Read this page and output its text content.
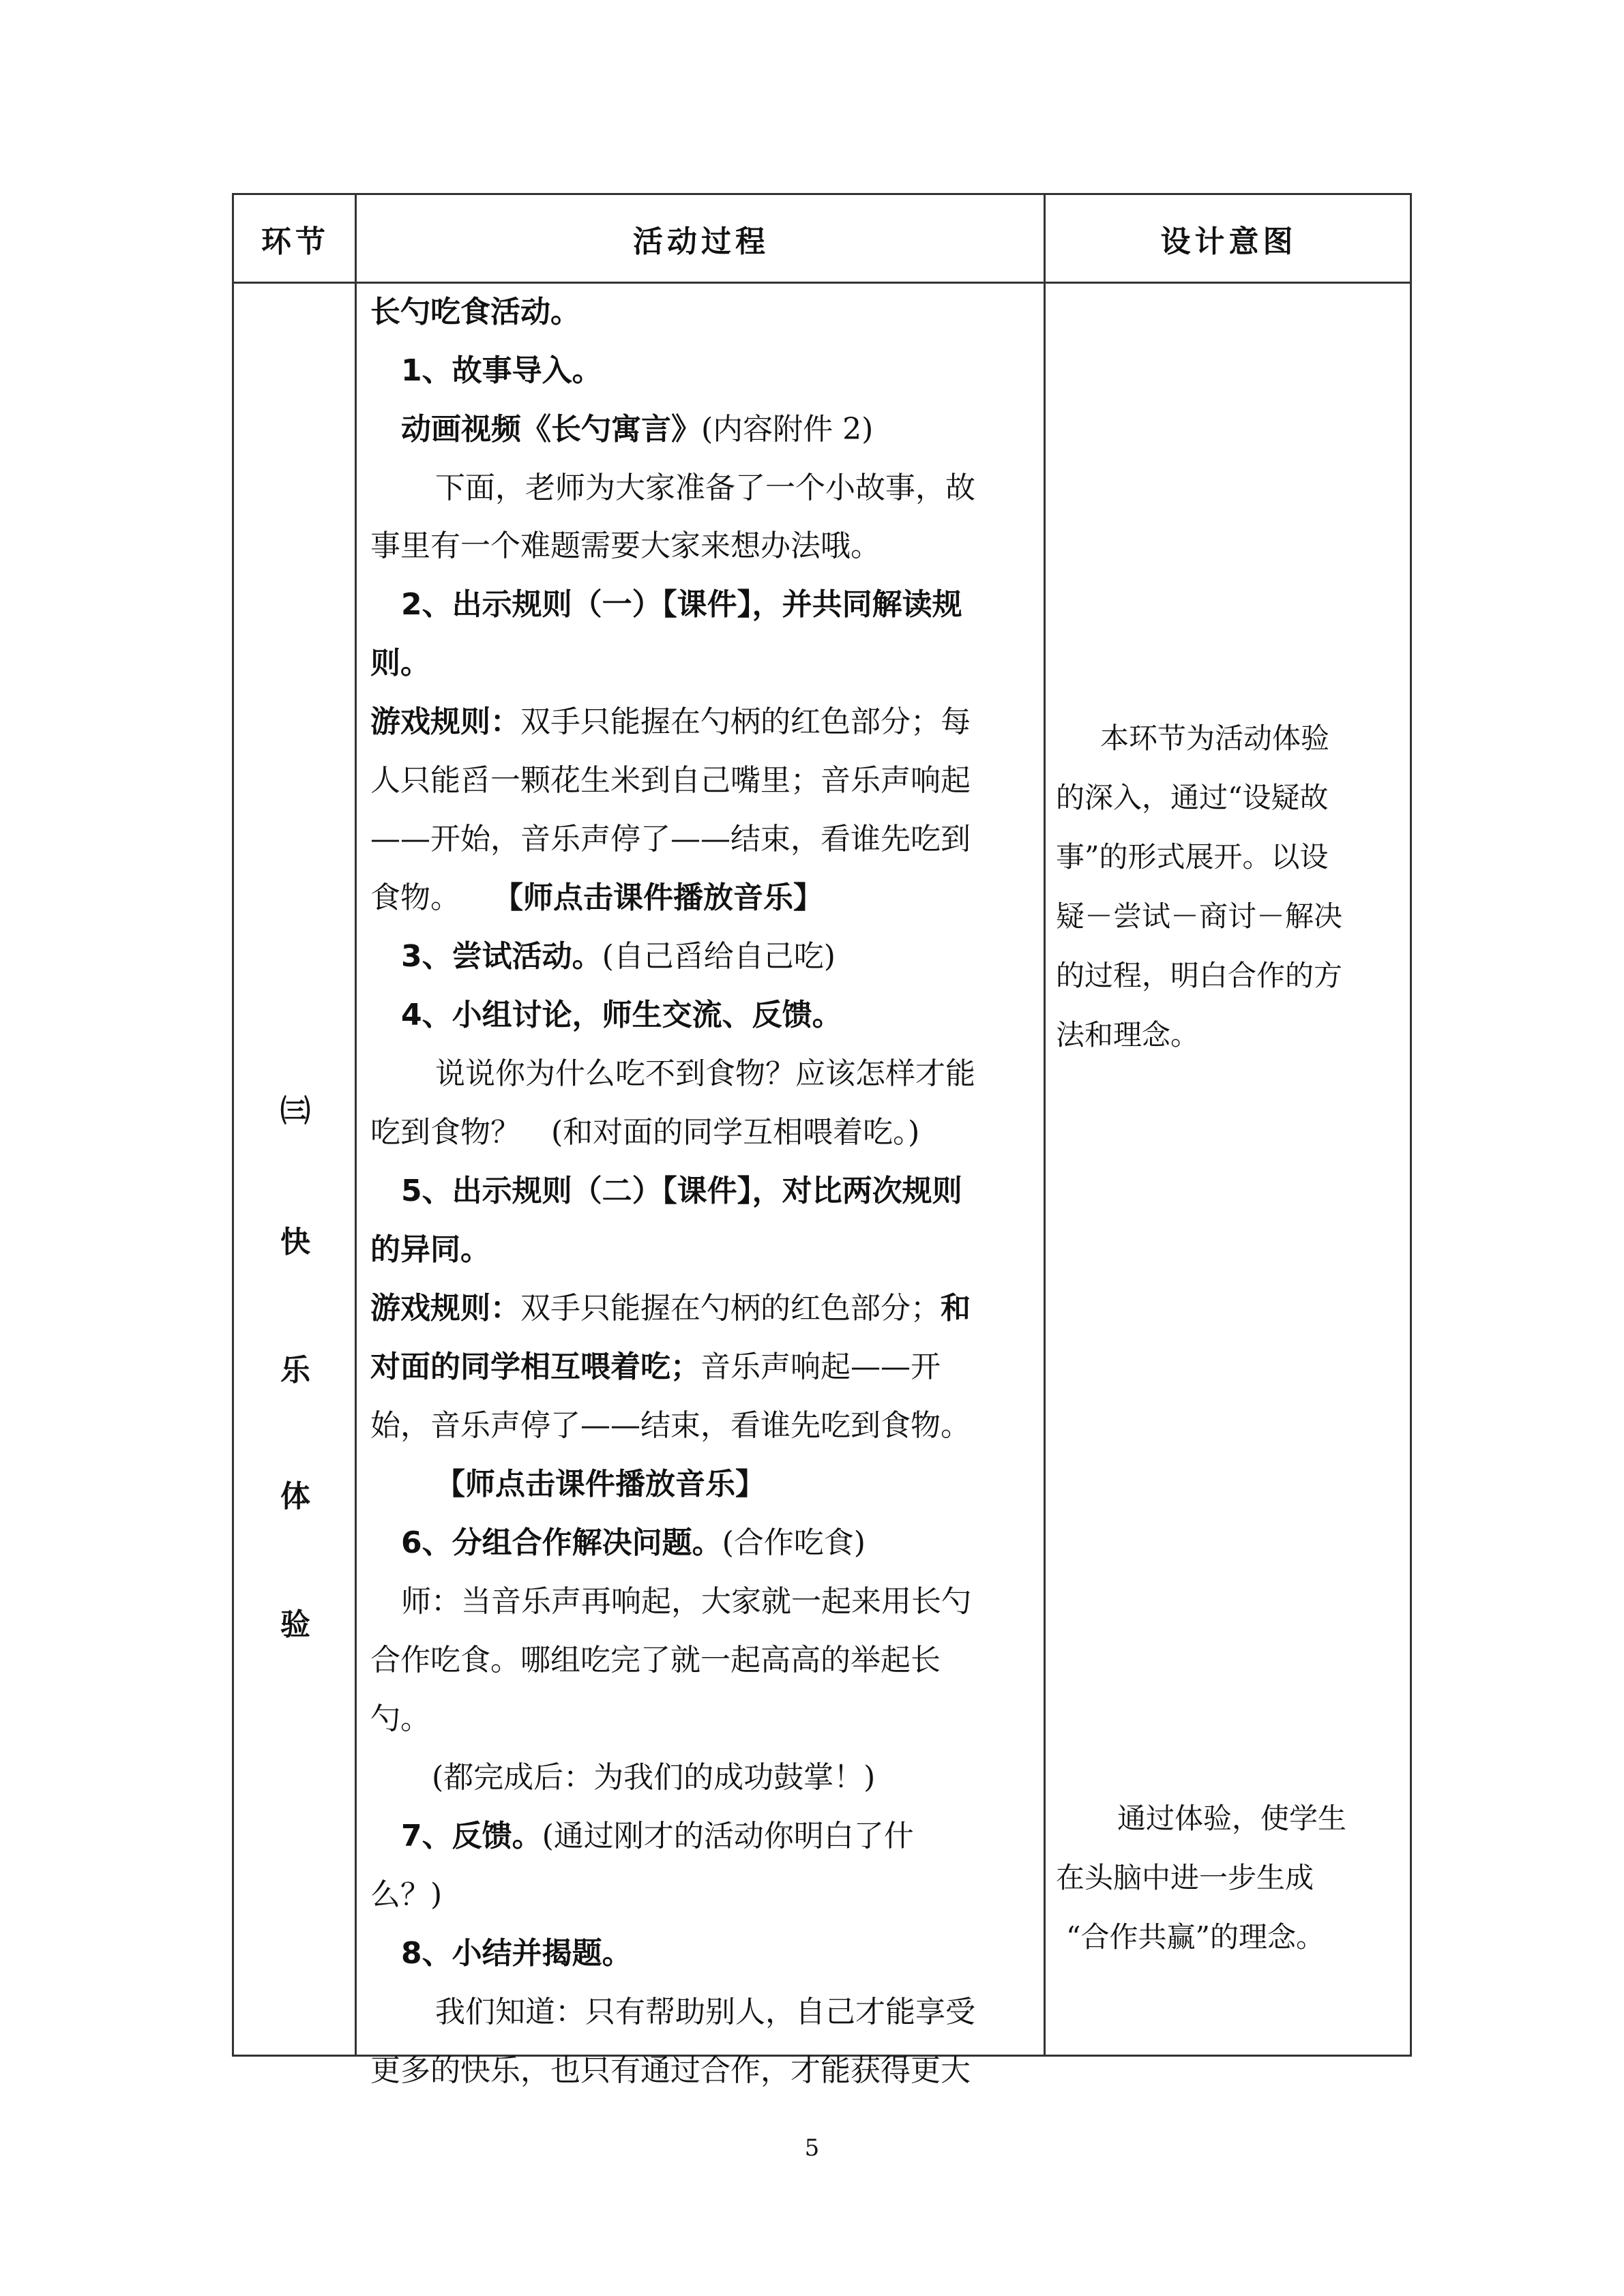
环节	活动过程	设计意图
㈢
快
乐
体
验
长勺吃食活动。
1、故事导入。
动画视频《长勺寓言》(内容附件 2)
下面，老师为大家准备了一个小故事，故
事里有一个难题需要大家来想办法哦。
2、出示规则（一）【课件】，并共同解读规
则。
游戏规则：双手只能握在勺柄的红色部分；每
人只能舀一颗花生米到自己嘴里；音乐声响起
——开始，音乐声停了——结束，看谁先吃到
食物。 【师点击课件播放音乐】
3、尝试活动。(自己舀给自己吃)
4、小组讨论，师生交流、反馈。
说说你为什么吃不到食物？应该怎样才能
吃到食物？ (和对面的同学互相喂着吃。)
5、出示规则（二）【课件】，对比两次规则
的异同。
游戏规则：双手只能握在勺柄的红色部分；和
对面的同学相互喂着吃；音乐声响起——开
始，音乐声停了——结束，看谁先吃到食物。
【师点击课件播放音乐】
6、分组合作解决问题。(合作吃食)
师：当音乐声再响起，大家就一起来用长勺
合作吃食。哪组吃完了就一起高高的举起长
勺。
(都完成后：为我们的成功鼓掌！)
7、反馈。(通过刚才的活动你明白了什
么？)
8、小结并揭题。
我们知道：只有帮助别人，自己才能享受
更多的快乐，也只有通过合作，才能获得更大
本环节为活动体验
的深入，通过“设疑故
事”的形式展开。以设
疑－尝试－商讨－解决
的过程，明白合作的方
法和理念。
通过体验，使学生
在头脑中进一步生成
“合作共赢”的理念。
5
